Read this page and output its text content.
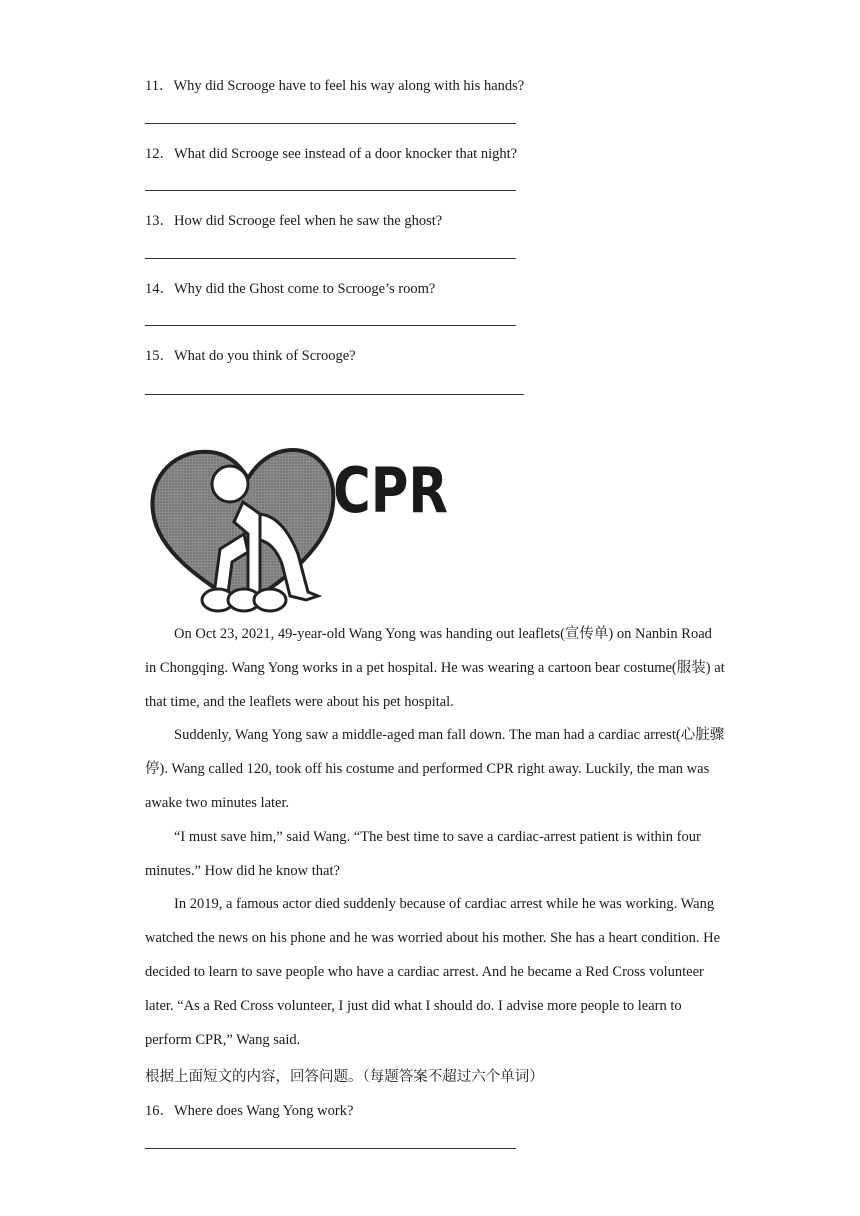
11．Why did Scrooge have to feel his way along with his hands?
12．What did Scrooge see instead of a door knocker that night?
13．How did Scrooge feel when he saw the ghost?
14．Why did the Ghost come to Scrooge’s room?
15．What do you think of Scrooge?
CPR

On Oct 23, 2021, 49-year-old Wang Yong was handing out leaflets(宣传单) on Nanbin Road in Chongqing. Wang Yong works in a pet hospital. He was wearing a cartoon bear costume(服装) at that time, and the leaflets were about his pet hospital.

Suddenly, Wang Yong saw a middle-aged man fall down. The man had a cardiac arrest(心脏骤停). Wang called 120, took off his costume and performed CPR right away. Luckily, the man was awake two minutes later.

“I must save him,” said Wang. “The best time to save a cardiac-arrest patient is within four minutes.” How did he know that?

In 2019, a famous actor died suddenly because of cardiac arrest while he was working. Wang watched the news on his phone and he was worried about his mother. She has a heart condition. He decided to learn to save people who have a cardiac arrest. And he became a Red Cross volunteer later. “As a Red Cross volunteer, I just did what I should do. I advise more people to learn to perform CPR,” Wang said.

根据上面短文的内容，回答问题。（每题答案不超过六个单词）
16．Where does Wang Yong work?
